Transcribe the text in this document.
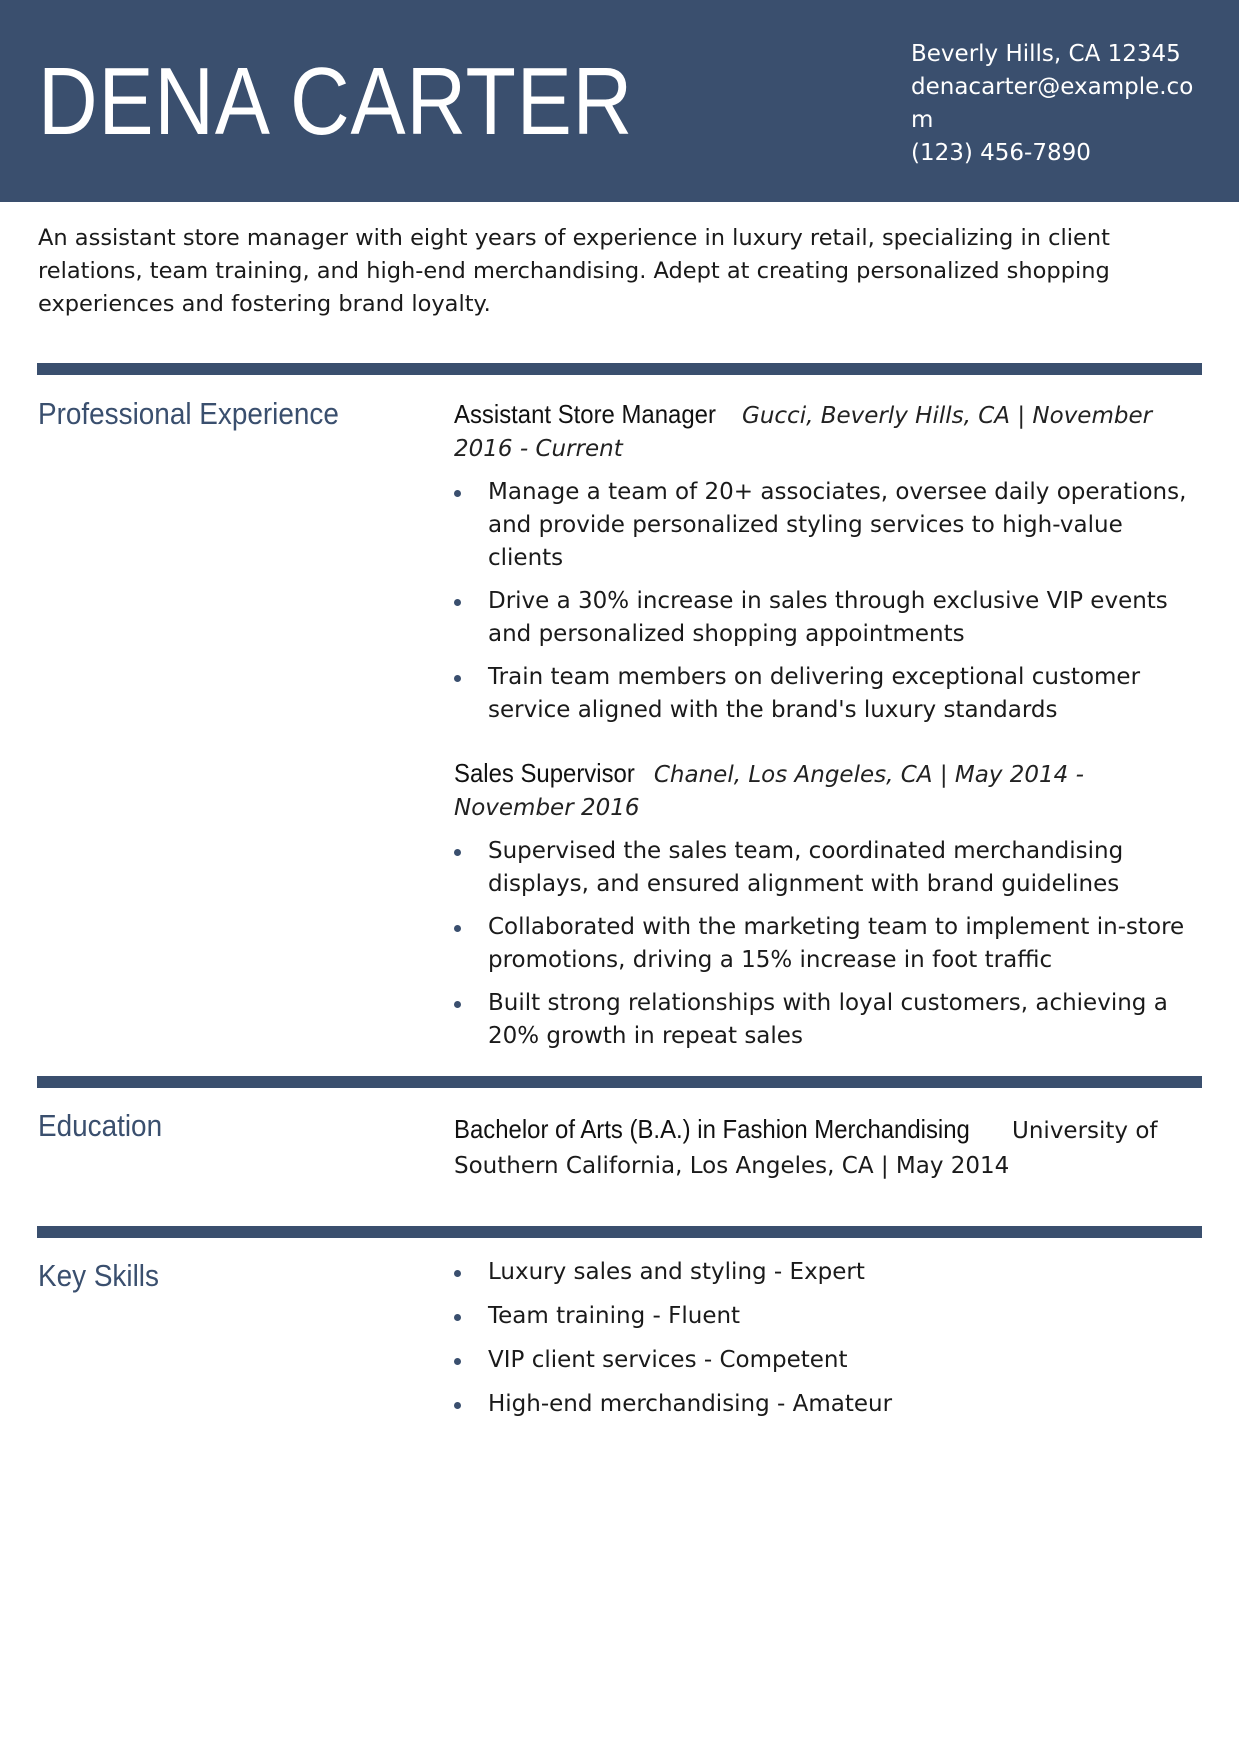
DENA CARTER	Beverly Hills, CA 12345
denacarter@example.com
(123) 456-7890

An assistant store manager with eight years of experience in luxury retail, specializing in client relations, team training, and high-end merchandising. Adept at creating personalized shopping experiences and fostering brand loyalty.

Professional Experience	Assistant Store Manager Gucci, Beverly Hills, CA | November 2016 - Current

Manage a team of 20+ associates, oversee daily operations, and provide personalized styling services to high-value clients
Drive a 30% increase in sales through exclusive VIP events and personalized shopping appointments
Train team members on delivering exceptional customer service aligned with the brand's luxury standards

Sales Supervisor Chanel, Los Angeles, CA | May 2014 - November 2016

Supervised the sales team, coordinated merchandising displays, and ensured alignment with brand guidelines
Collaborated with the marketing team to implement in-store promotions, driving a 15% increase in foot traffic
Built strong relationships with loyal customers, achieving a 20% growth in repeat sales
Education	Bachelor of Arts (B.A.) in Fashion Merchandising University of Southern California, Los Angeles, CA | May 2014

Key Skills	Luxury sales and styling - Expert
Team training - Fluent
VIP client services - Competent
High-end merchandising - Amateur
